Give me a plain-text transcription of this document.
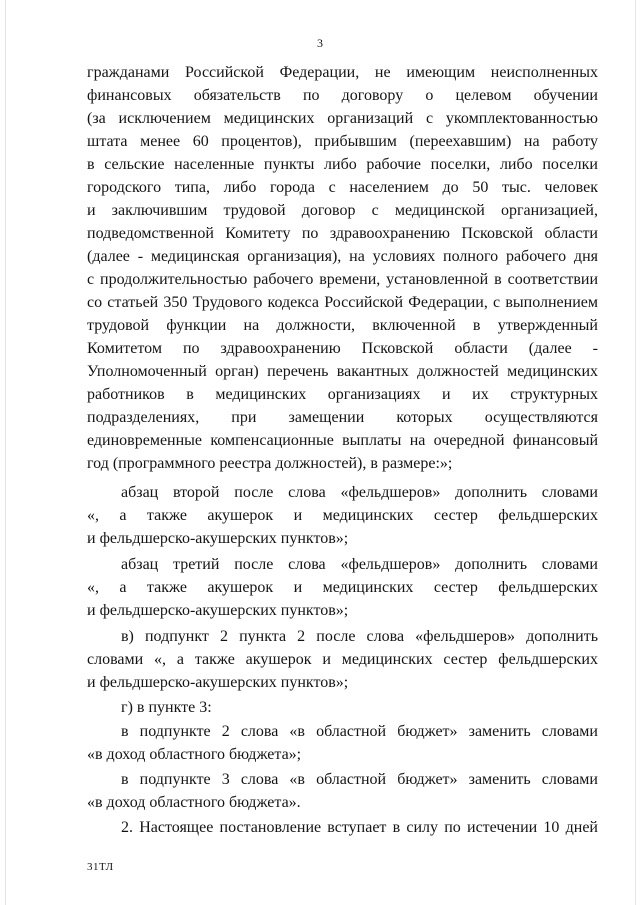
3
гражданами Российской Федерации, не имеющим неисполненных
финансовых обязательств по договору о целевом обучении
(за исключением медицинских организаций с укомплектованностью
штата менее 60 процентов), прибывшим (переехавшим) на работу
в сельские населенные пункты либо рабочие поселки, либо поселки
городского типа, либо города с населением до 50 тыс. человек
и заключившим трудовой договор с медицинской организацией,
подведомственной Комитету по здравоохранению Псковской области
(далее - медицинская организация), на условиях полного рабочего дня
с продолжительностью рабочего времени, установленной в соответствии
со статьей 350 Трудового кодекса Российской Федерации, с выполнением
трудовой функции на должности, включенной в утвержденный
Комитетом по здравоохранению Псковской области (далее -
Уполномоченный орган) перечень вакантных должностей медицинских
работников в медицинских организациях и их структурных
подразделениях, при замещении которых осуществляются
единовременные компенсационные выплаты на очередной финансовый
год (программного реестра должностей), в размере:»;
абзац второй после слова «фельдшеров» дополнить словами
«, а также акушерок и медицинских сестер фельдшерских
и фельдшерско-акушерских пунктов»;
абзац третий после слова «фельдшеров» дополнить словами
«, а также акушерок и медицинских сестер фельдшерских
и фельдшерско-акушерских пунктов»;
в) подпункт 2 пункта 2 после слова «фельдшеров» дополнить
словами «, а также акушерок и медицинских сестер фельдшерских
и фельдшерско-акушерских пунктов»;
г) в пункте 3:
в подпункте 2 слова «в областной бюджет» заменить словами
«в доход областного бюджета»;
в подпункте 3 слова «в областной бюджет» заменить словами
«в доход областного бюджета».
2. Настоящее постановление вступает в силу по истечении 10 дней
31ТЛ
